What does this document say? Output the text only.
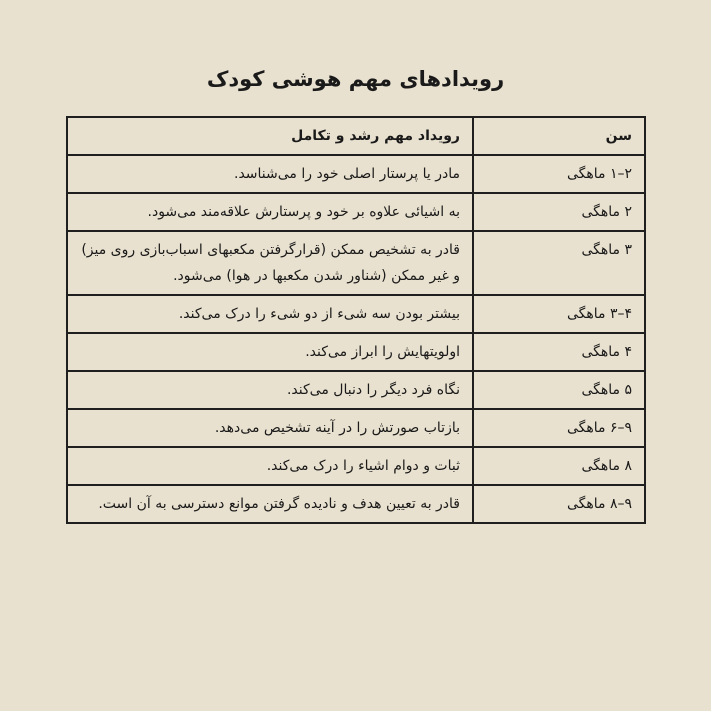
رویدادهای مهم هوشی کودک
سن	رویداد مهم رشد و تکامل
۲–۱ ماهگی	مادر یا پرستار اصلی خود را می‌شناسد.
۲ ماهگی	به اشیائی علاوه بر خود و پرستارش علاقه‌مند می‌شود.
۳ ماهگی	قادر به تشخیص ممکن (قرارگرفتن مکعبهای اسباب‌بازی روی میز) و غیر ممکن (شناور شدن مکعبها در هوا) می‌شود.
۴–۳ ماهگی	بیشتر بودن سه شیء از دو شیء را درک می‌کند.
۴ ماهگی	اولویتهایش را ابراز می‌کند.
۵ ماهگی	نگاه فرد دیگر را دنبال می‌کند.
۹–۶ ماهگی	بازتاب صورتش را در آینه تشخیص می‌دهد.
۸ ماهگی	ثبات و دوام اشیاء را درک می‌کند.
۹–۸ ماهگی	قادر به تعیین هدف و نادیده گرفتن موانع دسترسی به آن است.
